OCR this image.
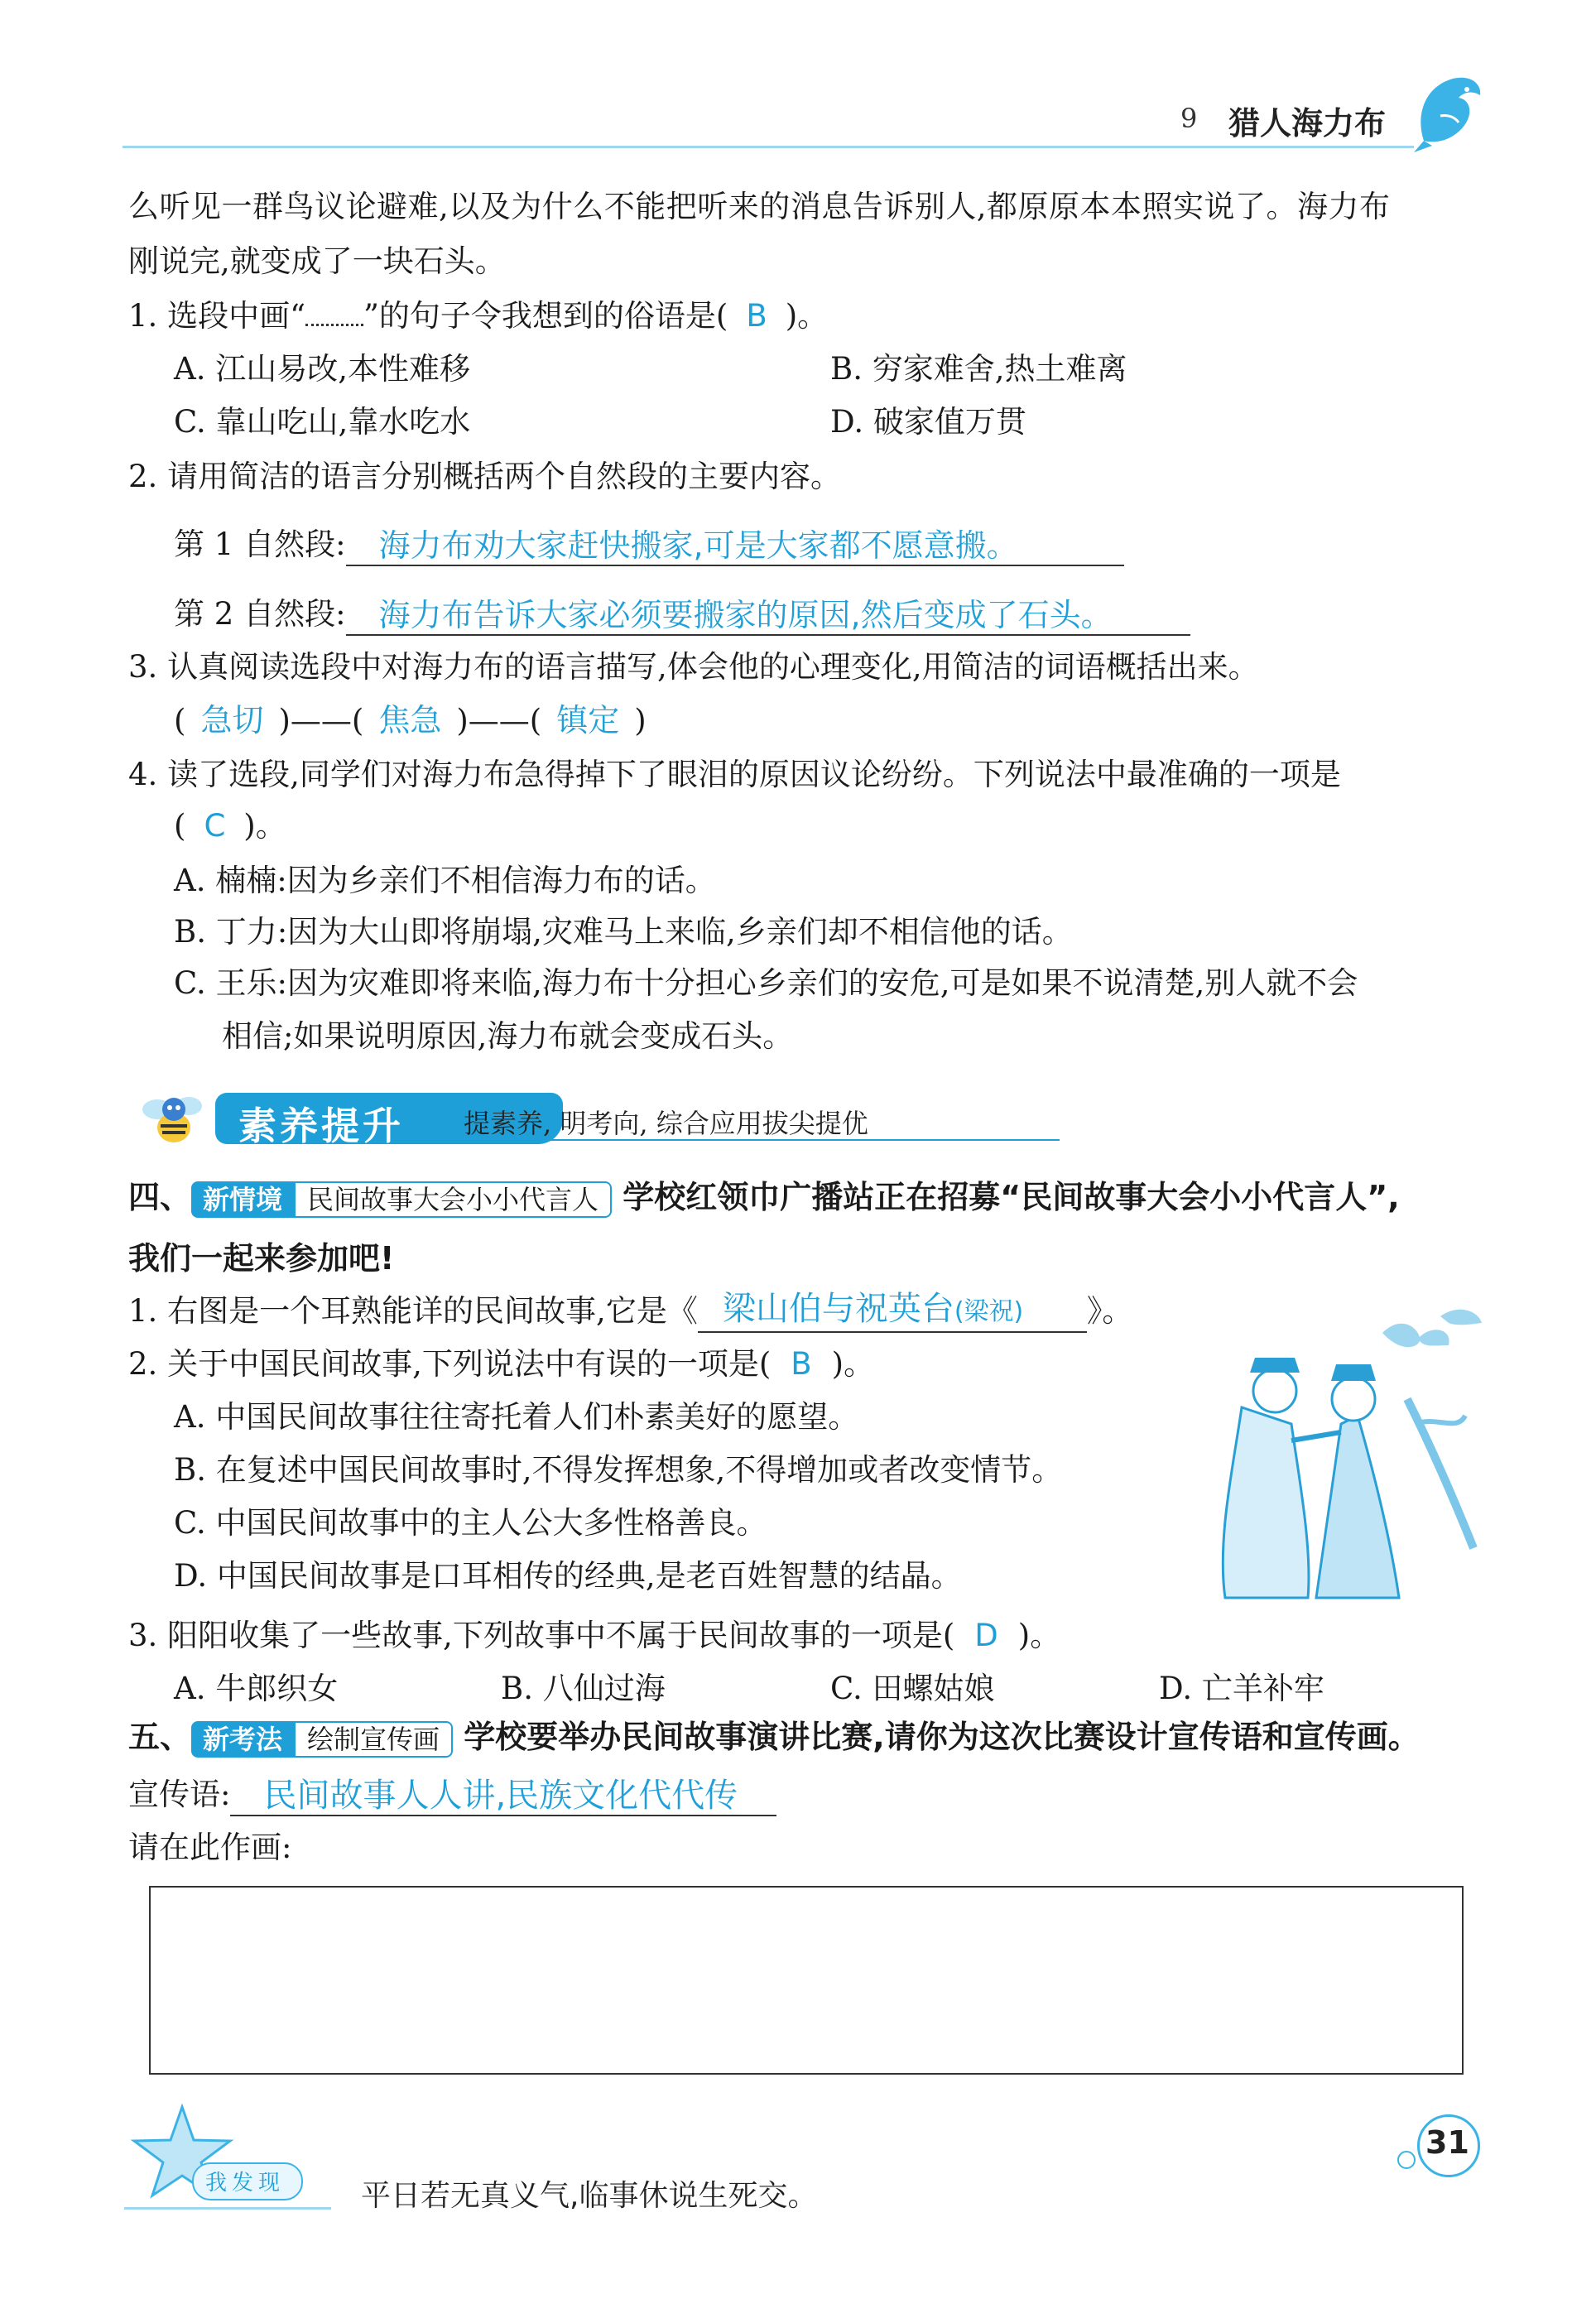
9 猎人海力布
么听见一群鸟议论避难,以及为什么不能把听来的消息告诉别人,都原原本本照实说了。海力布
刚说完,就变成了一块石头。
1. 选段中画“ ”的句子令我想到的俗语是( B )。
A. 江山易改,本性难移	B. 穷家难舍,热土难离
C. 靠山吃山,靠水吃水	D. 破家值万贯
2. 请用简洁的语言分别概括两个自然段的主要内容。
第 1 自然段: 海力布劝大家赶快搬家,可是大家都不愿意搬。
第 2 自然段: 海力布告诉大家必须要搬家的原因,然后变成了石头。
3. 认真阅读选段中对海力布的语言描写,体会他的心理变化,用简洁的词语概括出来。
( 急切 )——( 焦急 )——( 镇定 )
4. 读了选段,同学们对海力布急得掉下了眼泪的原因议论纷纷。下列说法中最准确的一项是
( C )。
A. 楠楠:因为乡亲们不相信海力布的话。
B. 丁力:因为大山即将崩塌,灾难马上来临,乡亲们却不相信他的话。
C. 王乐:因为灾难即将来临,海力布十分担心乡亲们的安危,可是如果不说清楚,别人就不会
相信;如果说明原因,海力布就会变成石头。
素养提升 提素养, 明考向, 综合应用拔尖提优
四、 新情境 民间故事大会小小代言人 学校红领巾广播站正在招募“民间故事大会小小代言人”,
我们一起来参加吧!
1. 右图是一个耳熟能详的民间故事,它是《 梁山伯与祝英台(梁祝) 》。
2. 关于中国民间故事,下列说法中有误的一项是( B )。
A. 中国民间故事往往寄托着人们朴素美好的愿望。
B. 在复述中国民间故事时,不得发挥想象,不得增加或者改变情节。
C. 中国民间故事中的主人公大多性格善良。
D. 中国民间故事是口耳相传的经典,是老百姓智慧的结晶。
3. 阳阳收集了一些故事,下列故事中不属于民间故事的一项是( D )。
A. 牛郎织女	B. 八仙过海	C. 田螺姑娘	D. 亡羊补牢
五、 新考法 绘制宣传画 学校要举办民间故事演讲比赛,请你为这次比赛设计宣传语和宣传画。
宣传语: 民间故事人人讲,民族文化代代传
请在此作画:
我发现	平日若无真义气,临事休说生死交。
31
